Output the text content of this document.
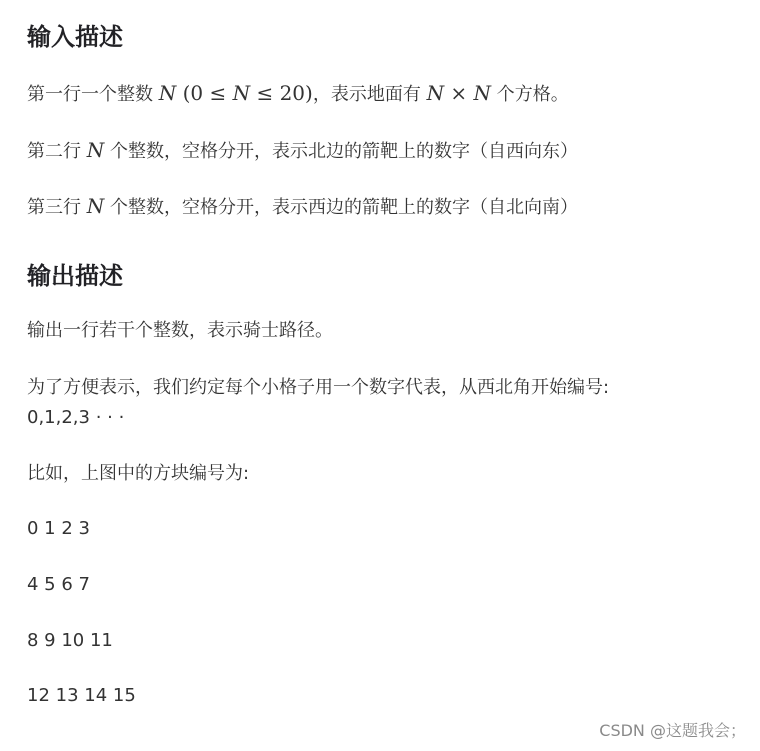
输入描述

第一行一个整数 N (0 ≤ N ≤ 20)，表示地面有 N × N 个方格。

第二行 N 个整数，空格分开，表示北边的箭靶上的数字（自西向东）

第三行 N 个整数，空格分开，表示西边的箭靶上的数字（自北向南）

输出描述

输出一行若干个整数，表示骑士路径。

为了方便表示，我们约定每个小格子用一个数字代表，从西北角开始编号:

0,1,2,3 · · ·

比如，上图中的方块编号为:

0 1 2 3

4 5 6 7

8 9 10 11

12 13 14 15

CSDN @这题我会；
